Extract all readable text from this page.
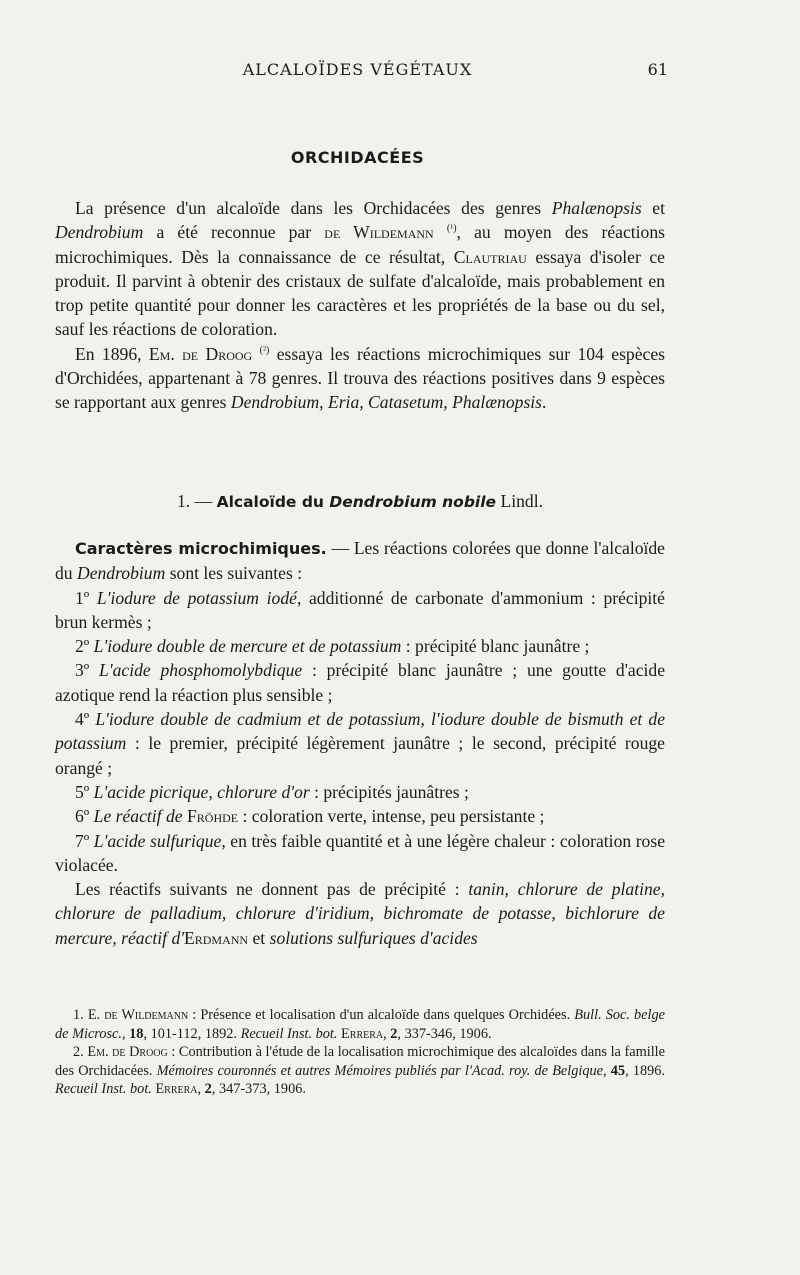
ALCALOÏDES VÉGÉTAUX	61
ORCHIDACÉES

La présence d'un alcaloïde dans les Orchidacées des genres Phalænopsis et Dendrobium a été reconnue par de Wildemann $^{(^1)}$, au moyen des réactions microchimiques. Dès la connaissance de ce résultat, Clautriau essaya d'isoler ce produit. Il parvint à obtenir des cristaux de sulfate d'alcaloïde, mais probablement en trop petite quantité pour donner les caractères et les propriétés de la base ou du sel, sauf les réactions de coloration.

En 1896, Em. de Droog $^{(^2)}$ essaya les réactions microchimiques sur 104 espèces d'Orchidées, appartenant à 78 genres. Il trouva des réactions positives dans 9 espèces se rapportant aux genres Dendrobium, Eria, Catasetum, Phalænopsis.

1. — Alcaloïde du Dendrobium nobile Lindl.

Caractères microchimiques. — Les réactions colorées que donne l'alcaloïde du Dendrobium sont les suivantes :

1º L'iodure de potassium iodé, additionné de carbonate d'ammonium : précipité brun kermès ;

2º L'iodure double de mercure et de potassium : précipité blanc jaunâtre ;

3º L'acide phosphomolybdique : précipité blanc jaunâtre ; une goutte d'acide azotique rend la réaction plus sensible ;

4º L'iodure double de cadmium et de potassium, l'iodure double de bismuth et de potassium : le premier, précipité légèrement jaunâtre ; le second, précipité rouge orangé ;

5º L'acide picrique, chlorure d'or : précipités jaunâtres ;

6º Le réactif de Fröhde : coloration verte, intense, peu persistante ;

7º L'acide sulfurique, en très faible quantité et à une légère chaleur : coloration rose violacée.

Les réactifs suivants ne donnent pas de précipité : tanin, chlorure de platine, chlorure de palladium, chlorure d'iridium, bichromate de potasse, bichlorure de mercure, réactif d'Erdmann et solutions sulfuriques d'acides

1. E. de Wildemann : Présence et localisation d'un alcaloïde dans quelques Orchidées. Bull. Soc. belge de Microsc., 18, 101-112, 1892. Recueil Inst. bot. Errera, 2, 337-346, 1906.

2. Em. de Droog : Contribution à l'étude de la localisation microchimique des alcaloïdes dans la famille des Orchidacées. Mémoires couronnés et autres Mémoires publiés par l'Acad. roy. de Belgique, 45, 1896. Recueil Inst. bot. Errera, 2, 347-373, 1906.
